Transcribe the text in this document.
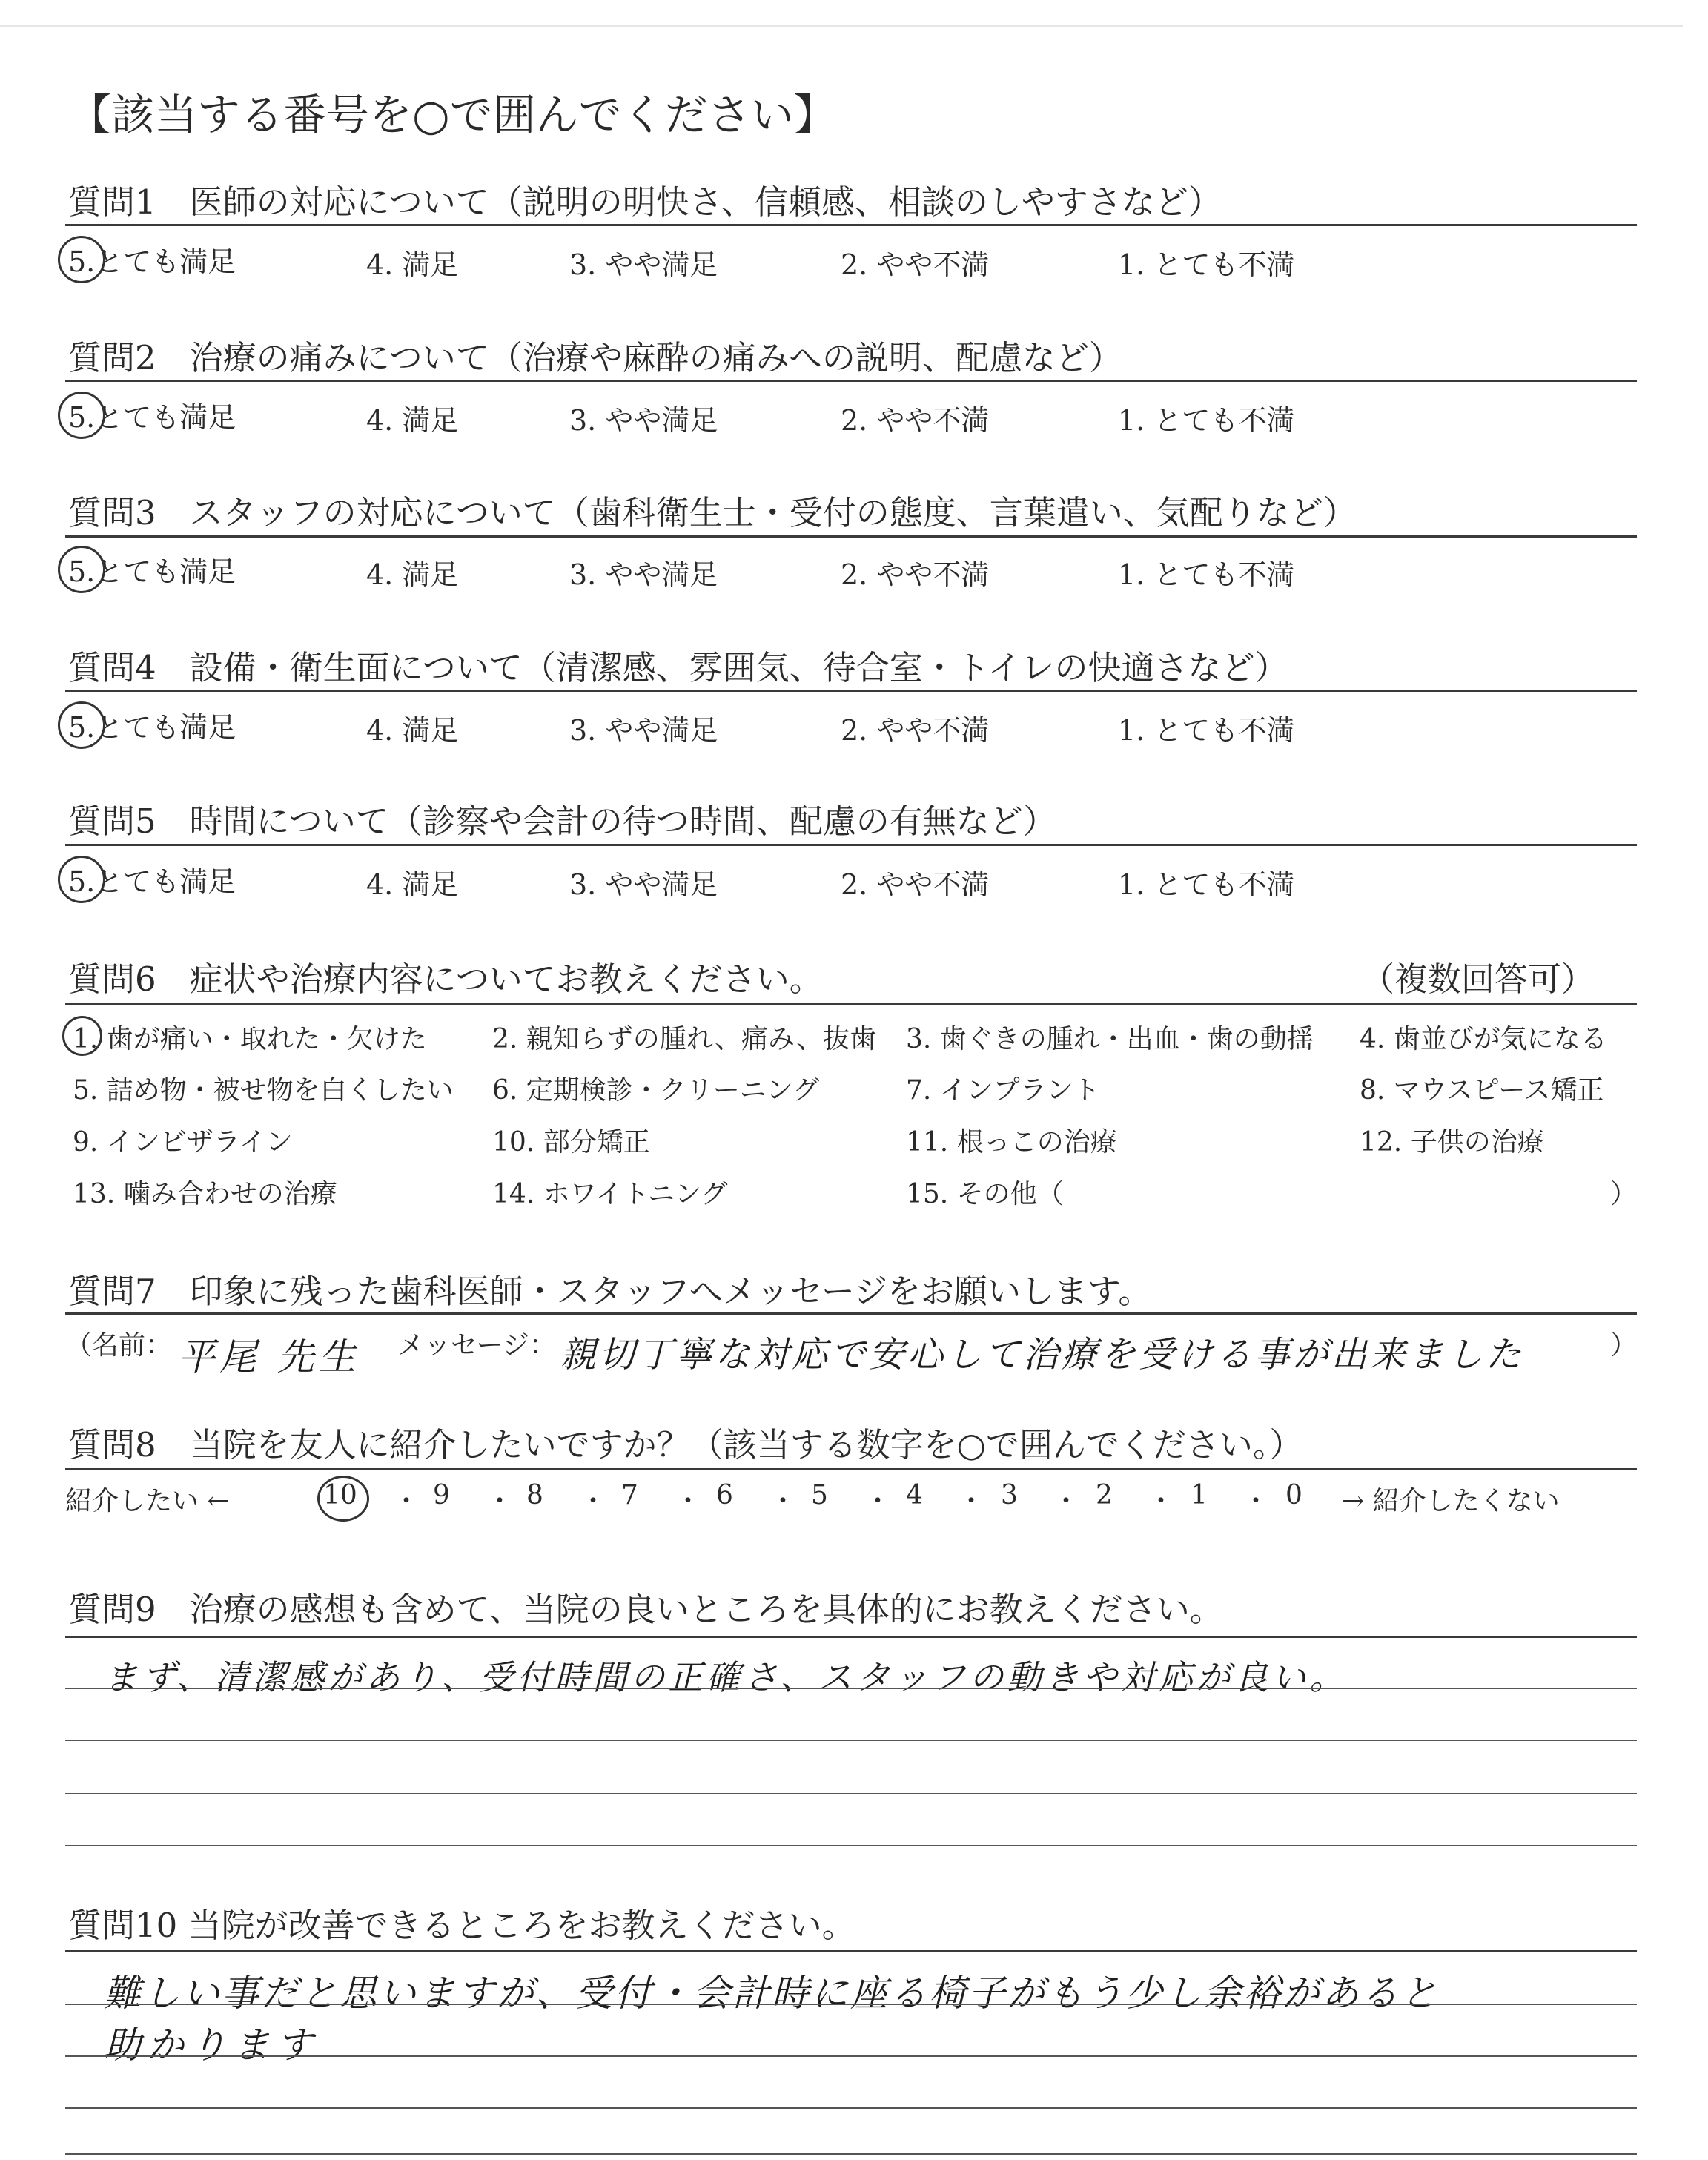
【該当する番号を○で囲んでください】
質問1　医師の対応について（説明の明快さ、信頼感、相談のしやすさなど）
5.とても満足	4. 満足	3. やや満足	2. やや不満	1. とても不満
質問2　治療の痛みについて（治療や麻酔の痛みへの説明、配慮など）
5.とても満足	4. 満足	3. やや満足	2. やや不満	1. とても不満
質問3　スタッフの対応について（歯科衛生士・受付の態度、言葉遣い、気配りなど）
5.とても満足	4. 満足	3. やや満足	2. やや不満	1. とても不満
質問4　設備・衛生面について（清潔感、雰囲気、待合室・トイレの快適さなど）
5.とても満足	4. 満足	3. やや満足	2. やや不満	1. とても不満
質問5　時間について（診察や会計の待つ時間、配慮の有無など）
5.とても満足	4. 満足	3. やや満足	2. やや不満	1. とても不満
質問6　症状や治療内容についてお教えください。	（複数回答可）
1. 歯が痛い・取れた・欠けた 2. 親知らずの腫れ、痛み、抜歯 3. 歯ぐきの腫れ・出血・歯の動揺 4. 歯並びが気になる
5. 詰め物・被せ物を白くしたい 6. 定期検診・クリーニング	7. インプラント	8. マウスピース矯正
9. インビザライン	10. 部分矯正	11. 根っこの治療	12. 子供の治療
13. 噛み合わせの治療	14. ホワイトニング	15. その他（	）
質問7　印象に残った歯科医師・スタッフへメッセージをお願いします。
（名前： 平尾 先生 メッセージ： 親切丁寧な対応で安心して治療を受ける事が出来ました	）
質問8　当院を友人に紹介したいですか？（該当する数字を○で囲んでください。）
紹介したい ←	10 ・ 9 ・ 8 ・ 7 ・ 6 ・ 5 ・ 4 ・ 3 ・ 2 ・ 1 ・ 0 → 紹介したくない
質問9　治療の感想も含めて、当院の良いところを具体的にお教えください。
まず、清潔感があり、受付時間の正確さ、スタッフの動きや対応が良い。
質問10 当院が改善できるところをお教えください。
難しい事だと思いますが、受付・会計時に座る椅子がもう少し余裕があると
助かります
